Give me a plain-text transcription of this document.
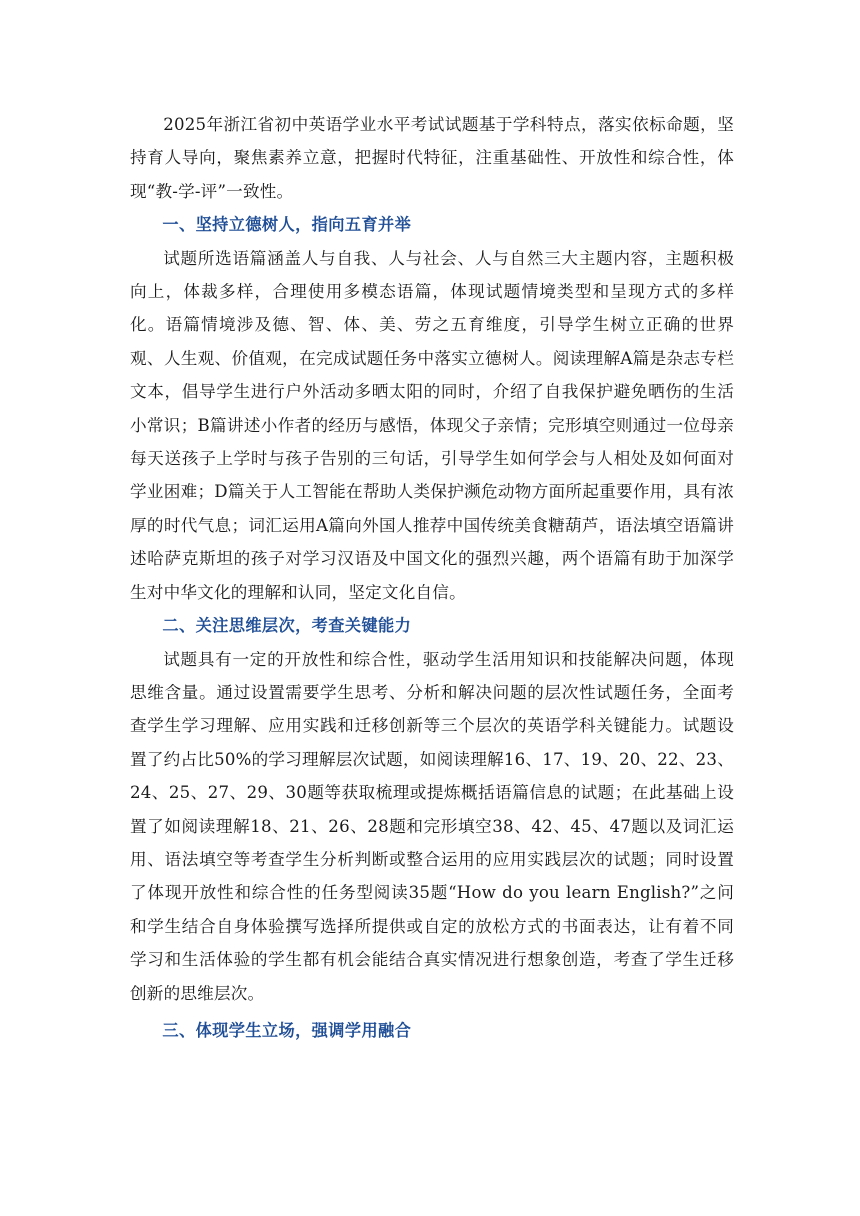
2025年浙江省初中英语学业水平考试试题基于学科特点，落实依标命题，坚持育人导向，聚焦素养立意，把握时代特征，注重基础性、开放性和综合性，体现“教-学-评”一致性。

一、坚持立德树人，指向五育并举

试题所选语篇涵盖人与自我、人与社会、人与自然三大主题内容，主题积极向上，体裁多样，合理使用多模态语篇，体现试题情境类型和呈现方式的多样化。语篇情境涉及德、智、体、美、劳之五育维度，引导学生树立正确的世界观、人生观、价值观，在完成试题任务中落实立德树人。阅读理解A篇是杂志专栏文本，倡导学生进行户外活动多晒太阳的同时，介绍了自我保护避免晒伤的生活小常识；B篇讲述小作者的经历与感悟，体现父子亲情；完形填空则通过一位母亲每天送孩子上学时与孩子告别的三句话，引导学生如何学会与人相处及如何面对学业困难；D篇关于人工智能在帮助人类保护濒危动物方面所起重要作用，具有浓厚的时代气息；词汇运用A篇向外国人推荐中国传统美食糖葫芦，语法填空语篇讲述哈萨克斯坦的孩子对学习汉语及中国文化的强烈兴趣，两个语篇有助于加深学生对中华文化的理解和认同，坚定文化自信。

二、关注思维层次，考查关键能力

试题具有一定的开放性和综合性，驱动学生活用知识和技能解决问题，体现思维含量。通过设置需要学生思考、分析和解决问题的层次性试题任务，全面考查学生学习理解、应用实践和迁移创新等三个层次的英语学科关键能力。试题设置了约占比50%的学习理解层次试题，如阅读理解16、17、19、20、22、23、24、25、27、29、30题等获取梳理或提炼概括语篇信息的试题；在此基础上设置了如阅读理解18、21、26、28题和完形填空38、42、45、47题以及词汇运用、语法填空等考查学生分析判断或整合运用的应用实践层次的试题；同时设置了体现开放性和综合性的任务型阅读35题“How do you learn English?”之问和学生结合自身体验撰写选择所提供或自定的放松方式的书面表达，让有着不同学习和生活体验的学生都有机会能结合真实情况进行想象创造，考查了学生迁移创新的思维层次。

三、体现学生立场，强调学用融合
